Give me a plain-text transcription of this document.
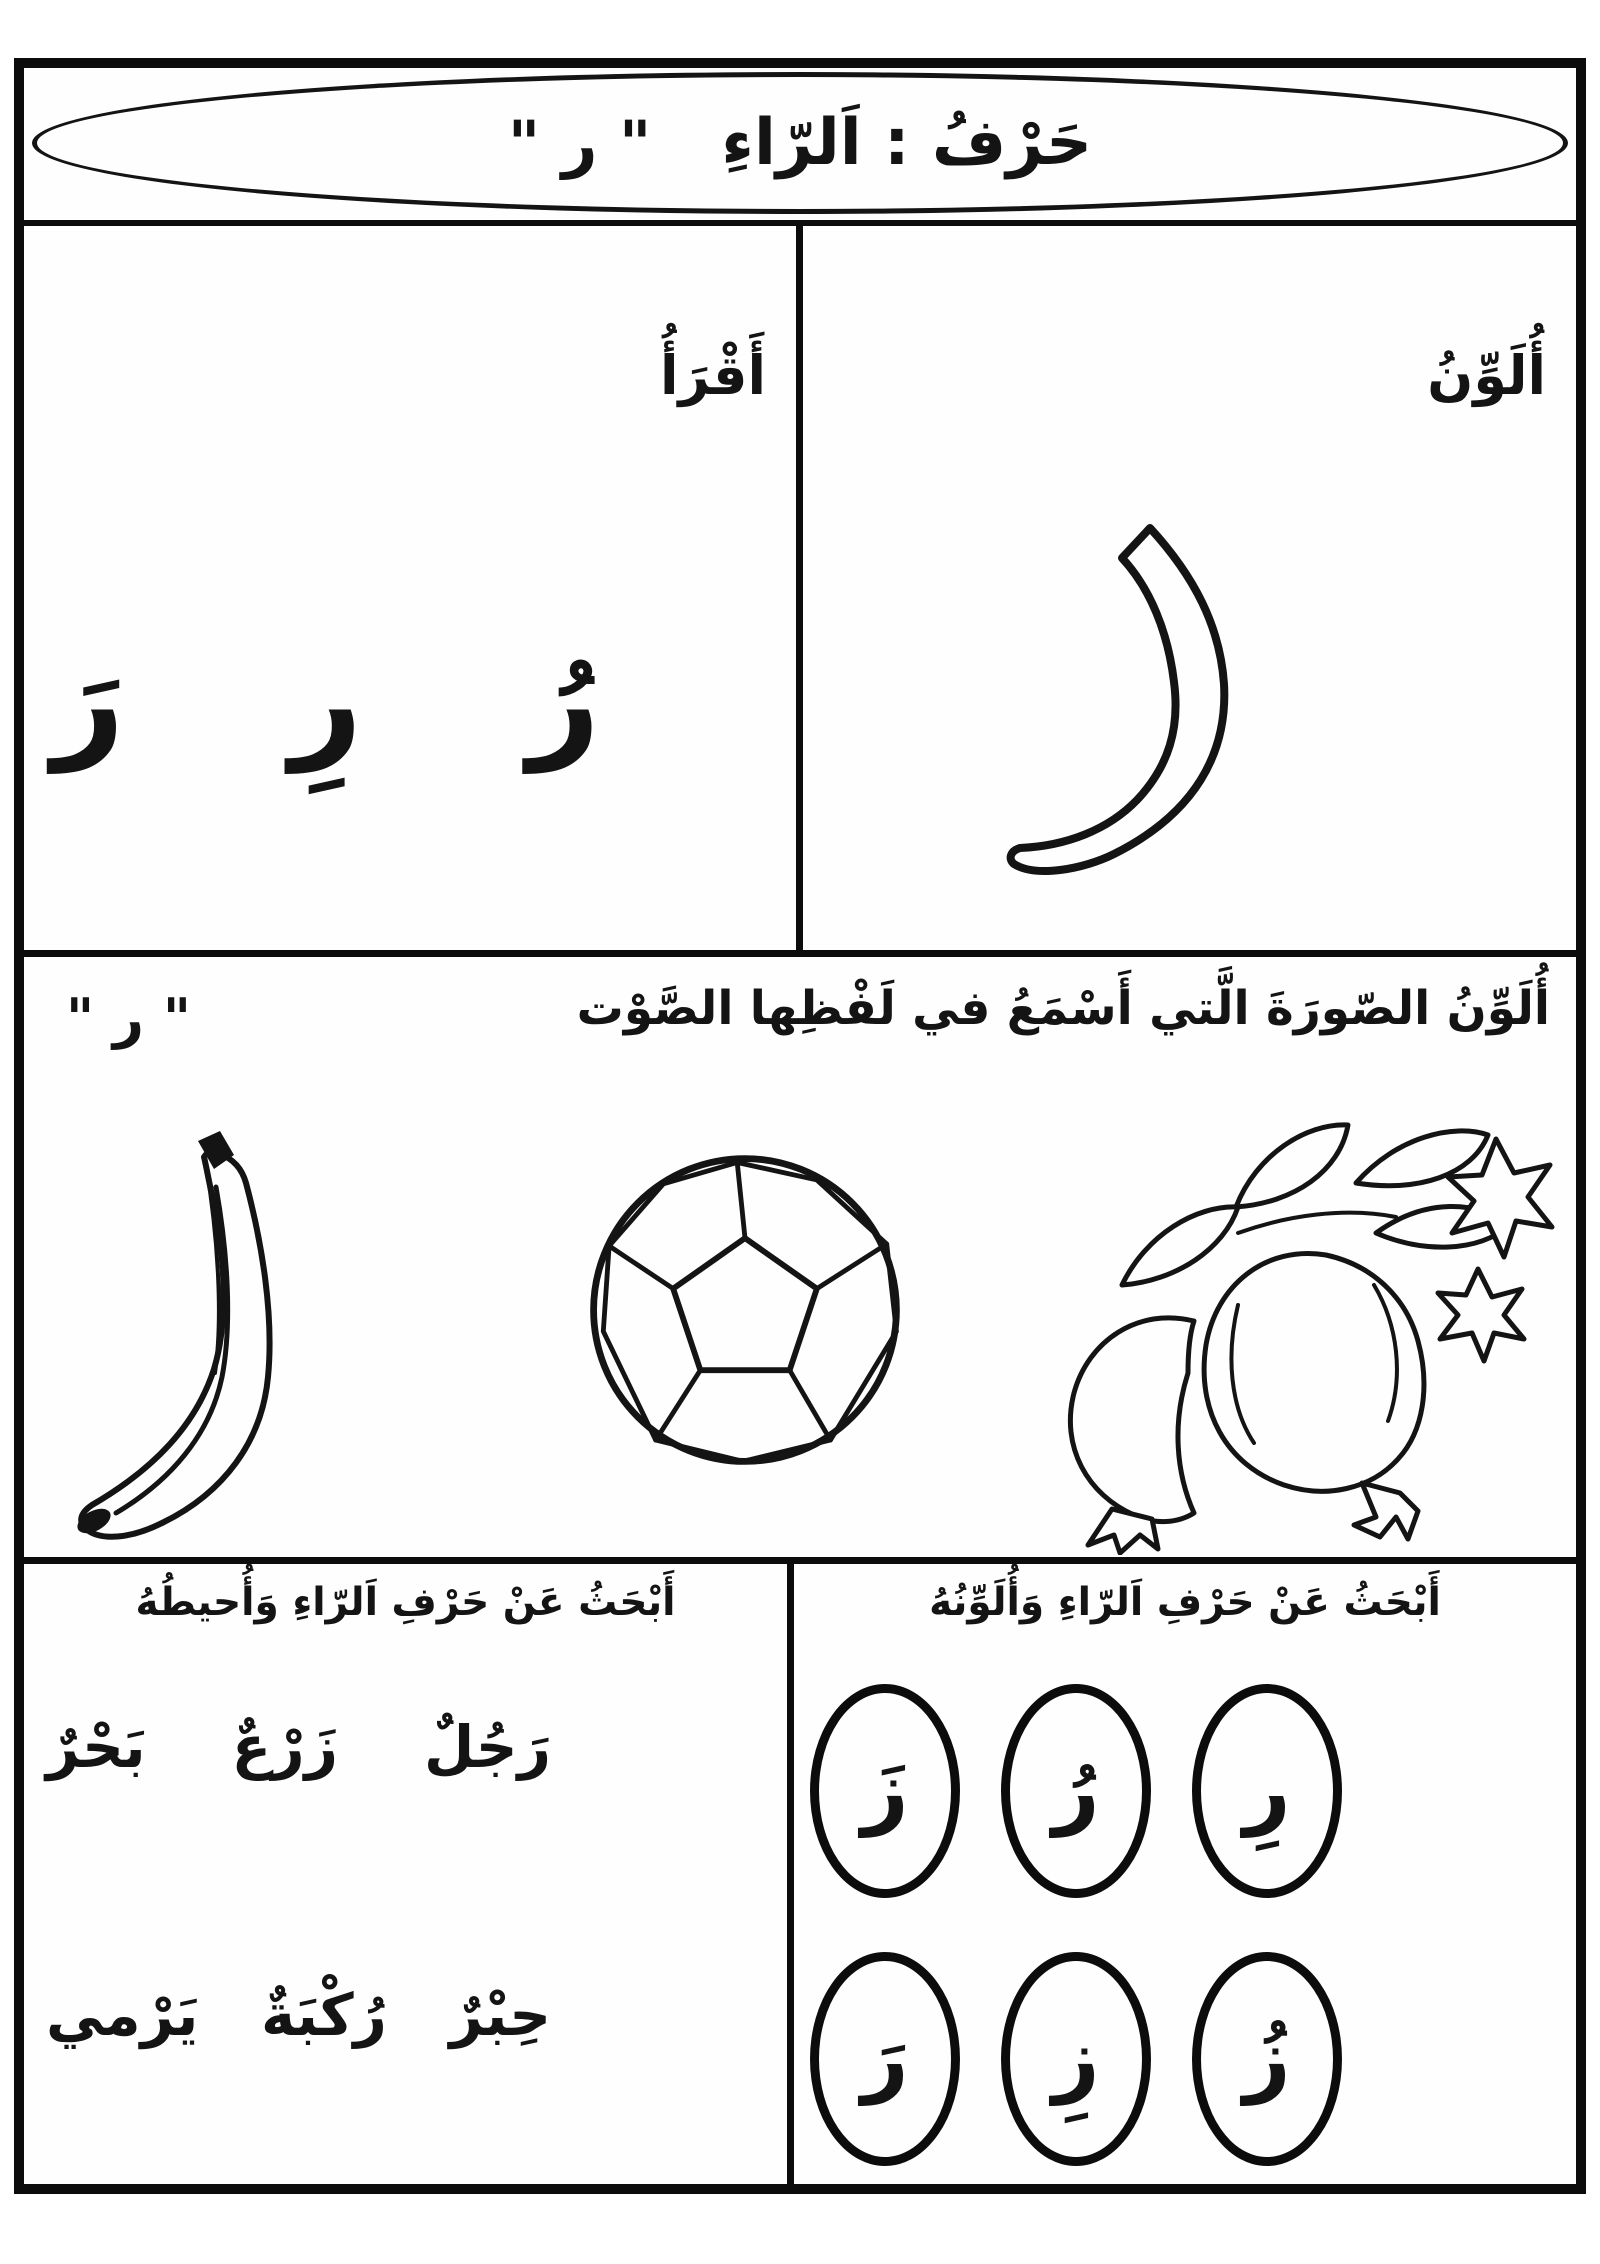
حَرْفُ : اَلرّاءِ
" ر "
أَقْرَأُ
رُ
رِ
رَ
أُلَوِّنُ
أُلَوِّنُ الصّورَةَ الَّتي أَسْمَعُ في لَفْظِها الصَّوْت
" ر "
أَبْحَثُ عَنْ حَرْفِ اَلرّاءِ وَأُحيطُهُ
رَجُلٌ
زَرْعٌ
بَحْرٌ
حِبْرٌ
رُكْبَةٌ
يَرْمي
أَبْحَثُ عَنْ حَرْفِ اَلرّاءِ وَأُلَوِّنُهُ
رِ
رُ
زَ
زُ
زِ
رَ
